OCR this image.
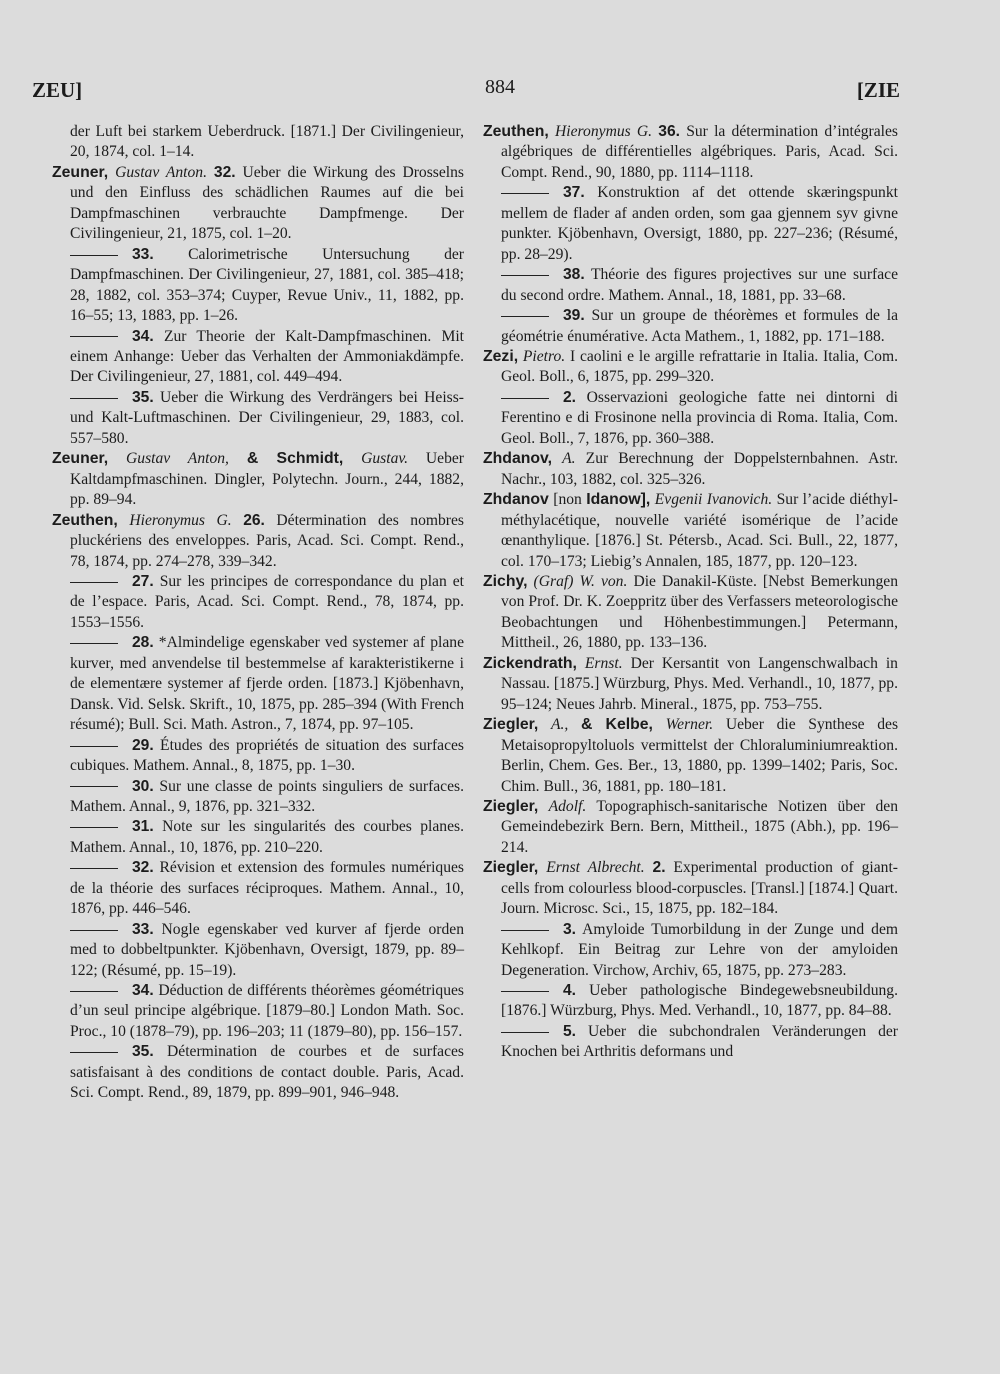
ZEU]	884	[ZIE

der Luft bei starkem Ueberdruck. [1871.] Der Civilingenieur, 20, 1874, col. 1–14.

Zeuner, Gustav Anton. 32. Ueber die Wirkung des Drosselns und den Einfluss des schädlichen Raumes auf die bei Dampfmaschinen verbrauchte Dampfmenge. Der Civilingenieur, 21, 1875, col. 1–20.

33. Calorimetrische Untersuchung der Dampfmaschinen. Der Civilingenieur, 27, 1881, col. 385–418; 28, 1882, col. 353–374; Cuyper, Revue Univ., 11, 1882, pp. 16–55; 13, 1883, pp. 1–26.

34. Zur Theorie der Kalt-Dampfmaschinen. Mit einem Anhange: Ueber das Verhalten der Ammoniakdämpfe. Der Civilingenieur, 27, 1881, col. 449–494.

35. Ueber die Wirkung des Verdrängers bei Heiss- und Kalt-Luftmaschinen. Der Civilingenieur, 29, 1883, col. 557–580.

Zeuner, Gustav Anton, & Schmidt, Gustav. Ueber Kaltdampfmaschinen. Dingler, Polytechn. Journ., 244, 1882, pp. 89–94.

Zeuthen, Hieronymus G. 26. Détermination des nombres pluckériens des enveloppes. Paris, Acad. Sci. Compt. Rend., 78, 1874, pp. 274–278, 339–342.

27. Sur les principes de correspondance du plan et de l’espace. Paris, Acad. Sci. Compt. Rend., 78, 1874, pp. 1553–1556.

28. *Almindelige egenskaber ved systemer af plane kurver, med anvendelse til bestemmelse af karakteristikerne i de elementære systemer af fjerde orden. [1873.] Kjöbenhavn, Dansk. Vid. Selsk. Skrift., 10, 1875, pp. 285–394 (With French résumé); Bull. Sci. Math. Astron., 7, 1874, pp. 97–105.

29. Études des propriétés de situation des surfaces cubiques. Mathem. Annal., 8, 1875, pp. 1–30.

30. Sur une classe de points singuliers de surfaces. Mathem. Annal., 9, 1876, pp. 321–332.

31. Note sur les singularités des courbes planes. Mathem. Annal., 10, 1876, pp. 210–220.

32. Révision et extension des formules numériques de la théorie des surfaces réciproques. Mathem. Annal., 10, 1876, pp. 446–546.

33. Nogle egenskaber ved kurver af fjerde orden med to dobbeltpunkter. Kjöbenhavn, Oversigt, 1879, pp. 89–122; (Résumé, pp. 15–19).

34. Déduction de différents théorèmes géométriques d’un seul principe algébrique. [1879–80.] London Math. Soc. Proc., 10 (1878–79), pp. 196–203; 11 (1879–80), pp. 156–157.

35. Détermination de courbes et de surfaces satisfaisant à des conditions de contact double. Paris, Acad. Sci. Compt. Rend., 89, 1879, pp. 899–901, 946–948.

Zeuthen, Hieronymus G. 36. Sur la détermination d’intégrales algébriques de différentielles algébriques. Paris, Acad. Sci. Compt. Rend., 90, 1880, pp. 1114–1118.

37. Konstruktion af det ottende skæringspunkt mellem de flader af anden orden, som gaa gjennem syv givne punkter. Kjöbenhavn, Oversigt, 1880, pp. 227–236; (Résumé, pp. 28–29).

38. Théorie des figures projectives sur une surface du second ordre. Mathem. Annal., 18, 1881, pp. 33–68.

39. Sur un groupe de théorèmes et formules de la géométrie énumérative. Acta Mathem., 1, 1882, pp. 171–188.

Zezi, Pietro. I caolini e le argille refrattarie in Italia. Italia, Com. Geol. Boll., 6, 1875, pp. 299–320.

2. Osservazioni geologiche fatte nei dintorni di Ferentino e di Frosinone nella provincia di Roma. Italia, Com. Geol. Boll., 7, 1876, pp. 360–388.

Zhdanov, A. Zur Berechnung der Doppelsternbahnen. Astr. Nachr., 103, 1882, col. 325–326.

Zhdanov [non Idanow], Evgenii Ivanovich. Sur l’acide diéthyl-méthylacétique, nouvelle variété isomérique de l’acide œnanthylique. [1876.] St. Pétersb., Acad. Sci. Bull., 22, 1877, col. 170–173; Liebig’s Annalen, 185, 1877, pp. 120–123.

Zichy, (Graf) W. von. Die Danakil-Küste. [Nebst Bemerkungen von Prof. Dr. K. Zoeppritz über des Verfassers meteorologische Beobachtungen und Höhenbestimmungen.] Petermann, Mittheil., 26, 1880, pp. 133–136.

Zickendrath, Ernst. Der Kersantit von Langenschwalbach in Nassau. [1875.] Würzburg, Phys. Med. Verhandl., 10, 1877, pp. 95–124; Neues Jahrb. Mineral., 1875, pp. 753–755.

Ziegler, A., & Kelbe, Werner. Ueber die Synthese des Metaisopropyltoluols vermittelst der Chloraluminiumreaktion. Berlin, Chem. Ges. Ber., 13, 1880, pp. 1399–1402; Paris, Soc. Chim. Bull., 36, 1881, pp. 180–181.

Ziegler, Adolf. Topographisch-sanitarische Notizen über den Gemeindebezirk Bern. Bern, Mittheil., 1875 (Abh.), pp. 196–214.

Ziegler, Ernst Albrecht. 2. Experimental production of giant-cells from colourless blood-corpuscles. [Transl.] [1874.] Quart. Journ. Microsc. Sci., 15, 1875, pp. 182–184.

3. Amyloide Tumorbildung in der Zunge und dem Kehlkopf. Ein Beitrag zur Lehre von der amyloiden Degeneration. Virchow, Archiv, 65, 1875, pp. 273–283.

4. Ueber pathologische Bindegewebsneubildung. [1876.] Würzburg, Phys. Med. Verhandl., 10, 1877, pp. 84–88.

5. Ueber die subchondralen Veränderungen der Knochen bei Arthritis deformans und
